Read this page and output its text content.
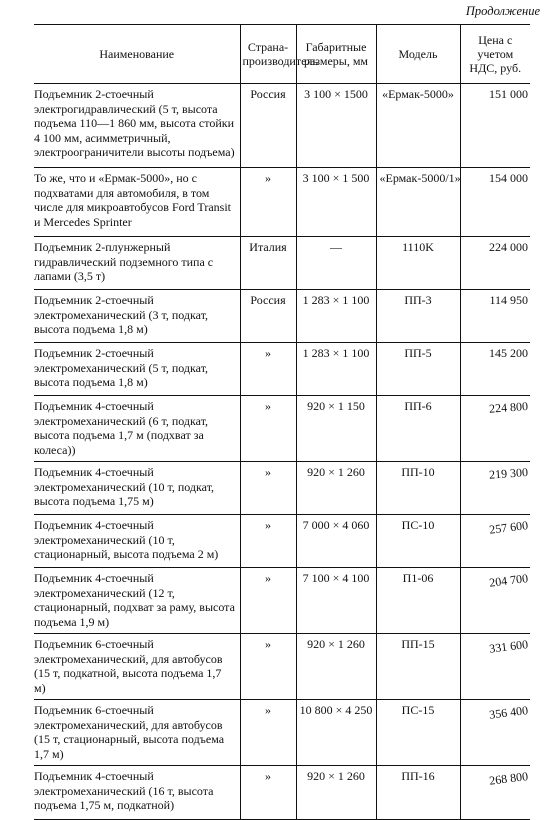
Продолжение
Наименование	Страна-производитель	Габаритные размеры, мм	Модель	Цена с учетом НДС, руб.
Подъемник 2-стоечный электрогидравлический (5 т, высота подъема 110—1 860 мм, высота стойки 4 100 мм, асимметричный, электроограничители высоты подъема)	Россия	3 100 × 1500	«Ермак-5000»	151 000
То же, что и «Ермак-5000», но с подхватами для автомобиля, в том числе для микроавтобусов Ford Transit и Mercedes Sprinter	»	3 100 × 1 500	«Ермак-5000/1»	154 000
Подъемник 2-плунжерный гидравлический подземного типа с лапами (3,5 т)	Италия	—	1110K	224 000
Подъемник 2-стоечный электромеханический (3 т, подкат, высота подъема 1,8 м)	Россия	1 283 × 1 100	ПП-3	114 950
Подъемник 2-стоечный электромеханический (5 т, подкат, высота подъема 1,8 м)	»	1 283 × 1 100	ПП-5	145 200
Подъемник 4-стоечный электромеханический (6 т, подкат, высота подъема 1,7 м (подхват за колеса))	»	920 × 1 150	ПП-6	224 800
Подъемник 4-стоечный электромеханический (10 т, подкат, высота подъема 1,75 м)	»	920 × 1 260	ПП-10	219 300
Подъемник 4-стоечный электромеханический (10 т, стационарный, высота подъема 2 м)	»	7 000 × 4 060	ПС-10	257 600
Подъемник 4-стоечный электромеханический (12 т, стационарный, подхват за раму, высота подъема 1,9 м)	»	7 100 × 4 100	П1-06	204 700
Подъемник 6-стоечный электромеханический, для автобусов (15 т, подкатной, высота подъема 1,7 м)	»	920 × 1 260	ПП-15	331 600
Подъемник 6-стоечный электромеханический, для автобусов (15 т, стационарный, высота подъема 1,7 м)	»	10 800 × 4 250	ПС-15	356 400
Подъемник 4-стоечный электромеханический (16 т, высота подъема 1,75 м, подкатной)	»	920 × 1 260	ПП-16	268 800
